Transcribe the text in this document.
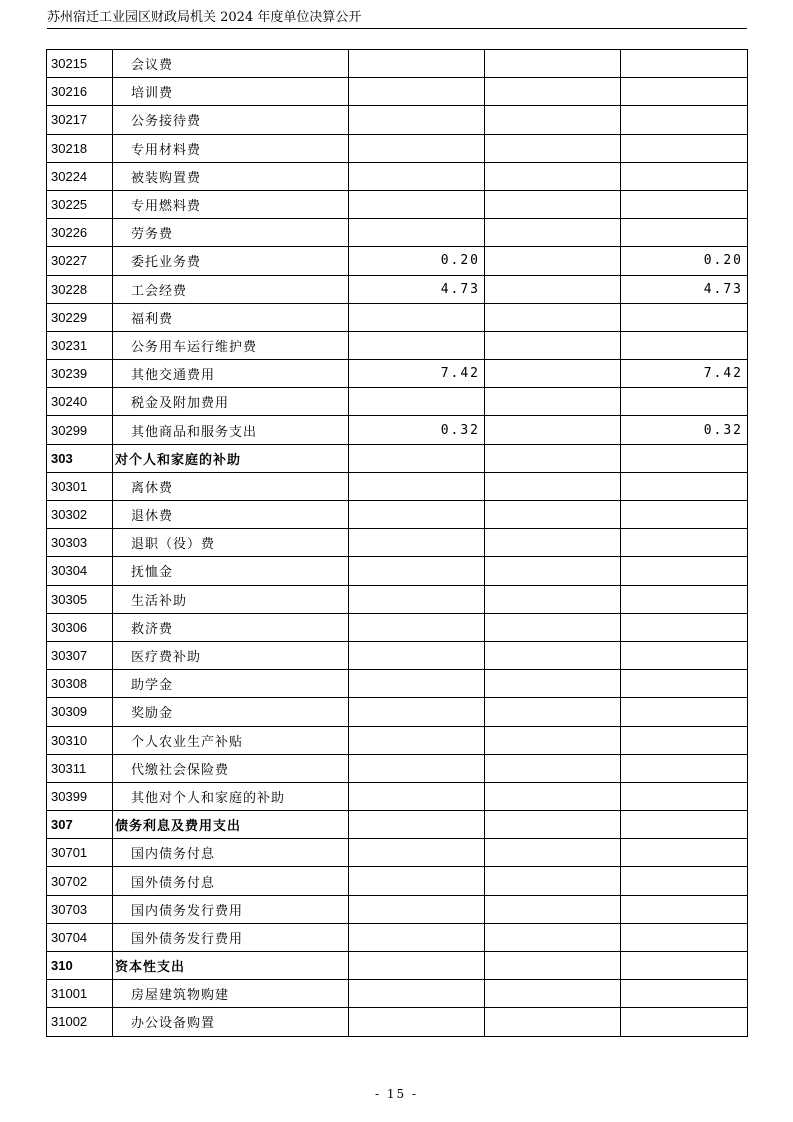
苏州宿迁工业园区财政局机关 2024 年度单位决算公开
30215	会议费			
30216	培训费			
30217	公务接待费			
30218	专用材料费			
30224	被装购置费			
30225	专用燃料费			
30226	劳务费			
30227	委托业务费	0.20		0.20
30228	工会经费	4.73		4.73
30229	福利费			
30231	公务用车运行维护费			
30239	其他交通费用	7.42		7.42
30240	税金及附加费用			
30299	其他商品和服务支出	0.32		0.32
303	对个人和家庭的补助			
30301	离休费			
30302	退休费			
30303	退职（役）费			
30304	抚恤金			
30305	生活补助			
30306	救济费			
30307	医疗费补助			
30308	助学金			
30309	奖励金			
30310	个人农业生产补贴			
30311	代缴社会保险费			
30399	其他对个人和家庭的补助			
307	债务利息及费用支出			
30701	国内债务付息			
30702	国外债务付息			
30703	国内债务发行费用			
30704	国外债务发行费用			
310	资本性支出			
31001	房屋建筑物购建			
31002	办公设备购置			
- 15 -
